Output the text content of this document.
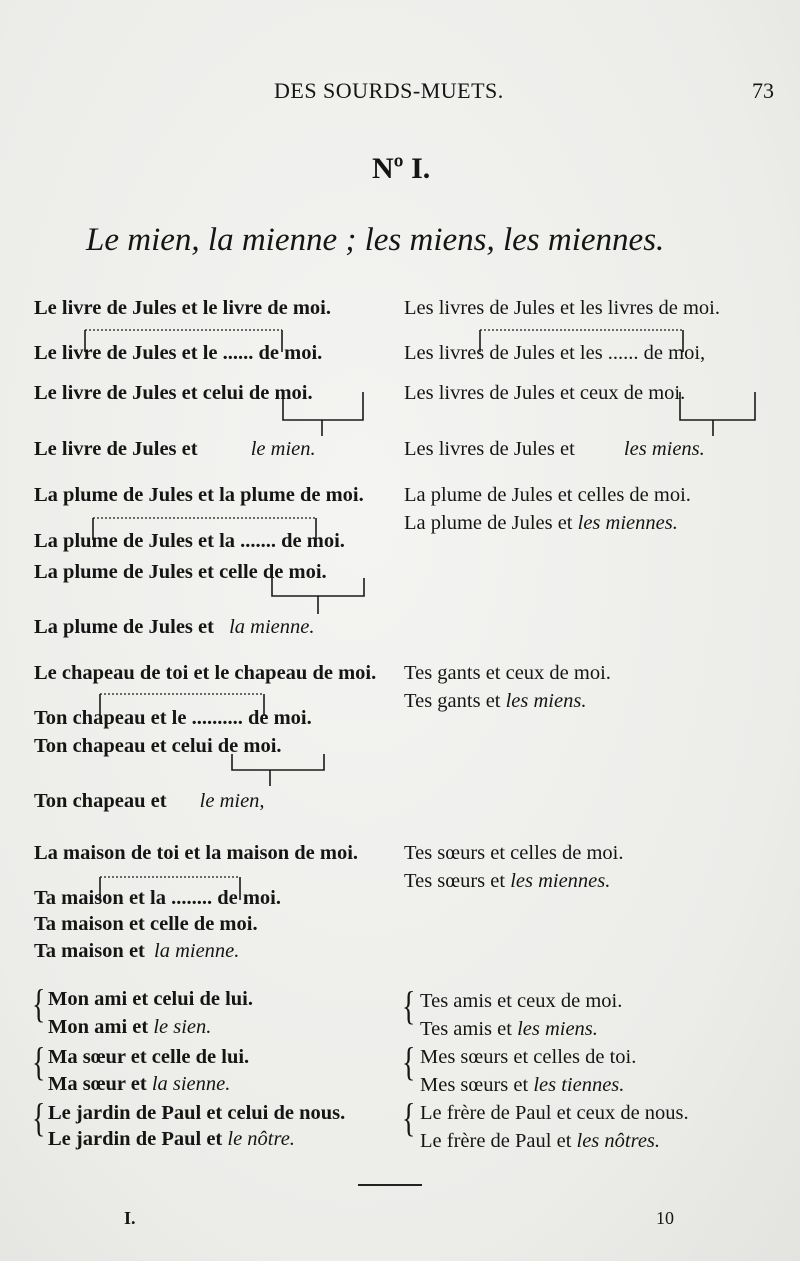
DES SOURDS-MUETS.	73
Nº I.
Le mien, la mienne ; les miens, les miennes.
Le livre de Jules et le livre de moi.
Le livre de Jules et le ...... de moi.
Le livre de Jules et celui de moi.
Le livre de Jules et	le mien.
La plume de Jules et la plume de moi.
La plume de Jules et la ....... de moi.
La plume de Jules et celle de moi.
La plume de Jules et la mienne.
Le chapeau de toi et le chapeau de moi.
Ton chapeau et le .......... de moi.
Ton chapeau et celui de moi.
Ton chapeau et le mien,
La maison de toi et la maison de moi.
Ta maison et la ........ de moi.
Ta maison et celle de moi.
Ta maison et la mienne.
{ Mon ami et celui de lui.
Mon ami et le sien.
{ Ma sœur et celle de lui.
Ma sœur et la sienne.
{ Le jardin de Paul et celui de nous.
Le jardin de Paul et le nôtre.
Les livres de Jules et les livres de moi.
Les livres de Jules et les ...... de moi,
Les livres de Jules et ceux de moi.
Les livres de Jules et les miens.
La plume de Jules et celles de moi.
La plume de Jules et les miennes.
Tes gants et ceux de moi.
Tes gants et les miens.
Tes sœurs et celles de moi.
Tes sœurs et les miennes.
{ Tes amis et ceux de moi.
Tes amis et les miens.
{ Mes sœurs et celles de toi.
Mes sœurs et les tiennes.
{ Le frère de Paul et ceux de nous.
Le frère de Paul et les nôtres.
I.	10
